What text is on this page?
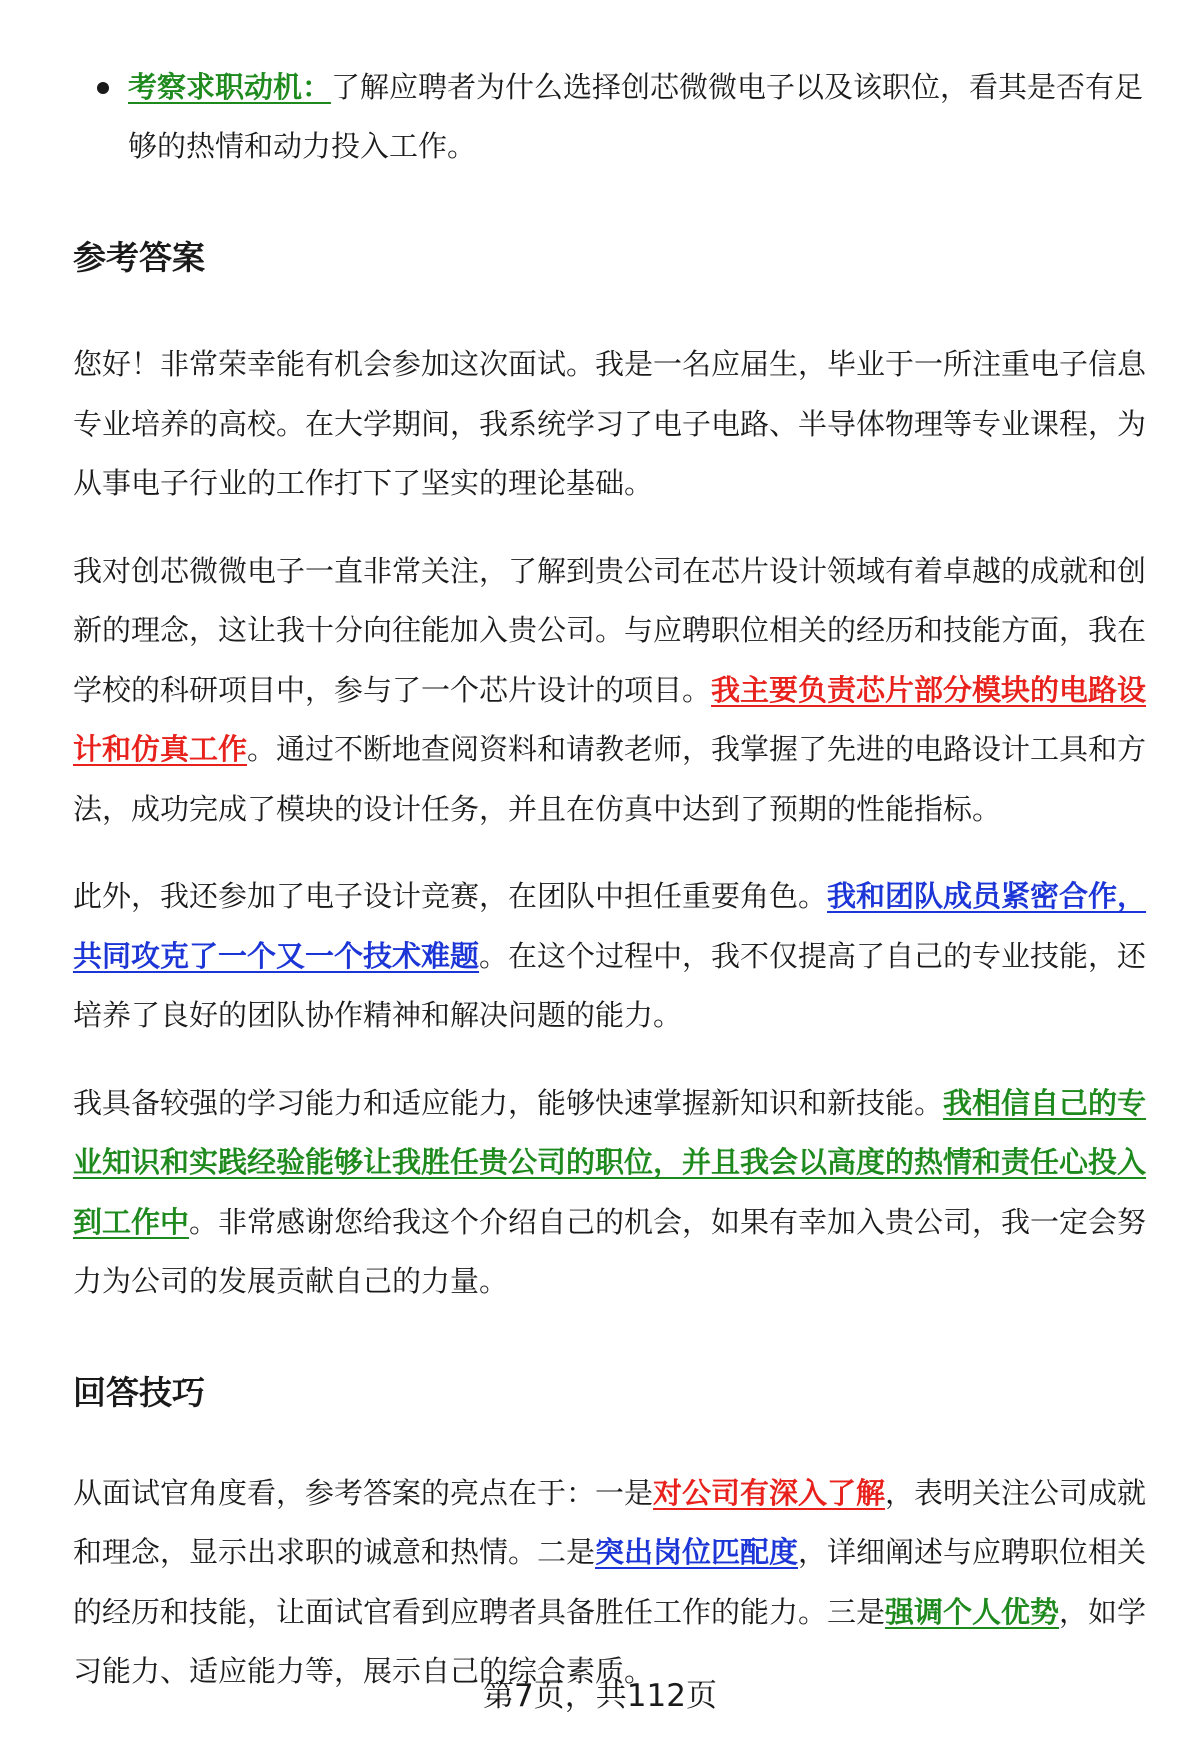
考察求职动机：了解应聘者为什么选择创芯微微电子以及该职位，看其是否有足够的热情和动力投入工作。
参考答案

您好！非常荣幸能有机会参加这次面试。我是一名应届生，毕业于一所注重电子信息专业培养的高校。在大学期间，我系统学习了电子电路、半导体物理等专业课程，为从事电子行业的工作打下了坚实的理论基础。

我对创芯微微电子一直非常关注，了解到贵公司在芯片设计领域有着卓越的成就和创新的理念，这让我十分向往能加入贵公司。与应聘职位相关的经历和技能方面，我在学校的科研项目中，参与了一个芯片设计的项目。我主要负责芯片部分模块的电路设计和仿真工作。通过不断地查阅资料和请教老师，我掌握了先进的电路设计工具和方法，成功完成了模块的设计任务，并且在仿真中达到了预期的性能指标。

此外，我还参加了电子设计竞赛，在团队中担任重要角色。我和团队成员紧密合作，共同攻克了一个又一个技术难题。在这个过程中，我不仅提高了自己的专业技能，还培养了良好的团队协作精神和解决问题的能力。

我具备较强的学习能力和适应能力，能够快速掌握新知识和新技能。我相信自己的专业知识和实践经验能够让我胜任贵公司的职位，并且我会以高度的热情和责任心投入到工作中。非常感谢您给我这个介绍自己的机会，如果有幸加入贵公司，我一定会努力为公司的发展贡献自己的力量。

回答技巧

从面试官角度看，参考答案的亮点在于：一是对公司有深入了解，表明关注公司成就和理念，显示出求职的诚意和热情。二是突出岗位匹配度，详细阐述与应聘职位相关的经历和技能，让面试官看到应聘者具备胜任工作的能力。三是强调个人优势，如学习能力、适应能力等，展示自己的综合素质。

第7页，共112页
